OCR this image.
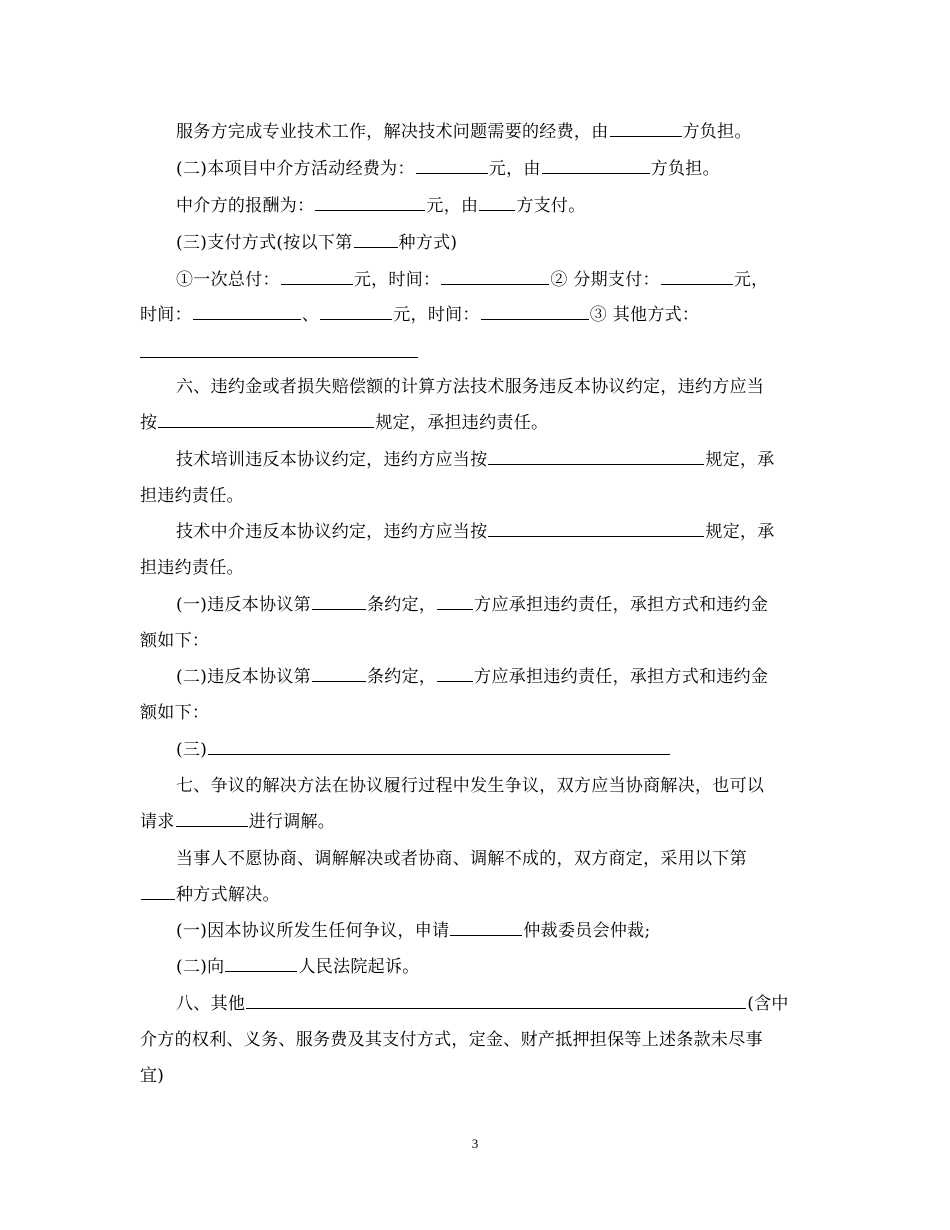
服务方完成专业技术工作，解决技术问题需要的经费，由	方负担。
(二)本项目中介方活动经费为：	元，由	方负担。
中介方的报酬为：	元，由 方支付。
(三)支付方式(按以下第	种方式)
①一次总付：	元，时间：	② 分期支付：	元，
时间：	、	元，时间：	③ 其他方式：
六、违约金或者损失赔偿额的计算方法技术服务违反本协议约定，违约方应当
按	规定，承担违约责任。
技术培训违反本协议约定，违约方应当按	规定，承
担违约责任。
技术中介违反本协议约定，违约方应当按	规定，承
担违约责任。
(一)违反本协议第	条约定， 方应承担违约责任，承担方式和违约金
额如下：
(二)违反本协议第	条约定， 方应承担违约责任，承担方式和违约金
额如下：
(三)
七、争议的解决方法在协议履行过程中发生争议，双方应当协商解决，也可以
请求	进行调解。
当事人不愿协商、调解解决或者协商、调解不成的，双方商定，采用以下第
种方式解决。
(一)因本协议所发生任何争议，申请	仲裁委员会仲裁;
(二)向	人民法院起诉。
八、其他	(含中
介方的权利、义务、服务费及其支付方式，定金、财产抵押担保等上述条款未尽事
宜)
3
